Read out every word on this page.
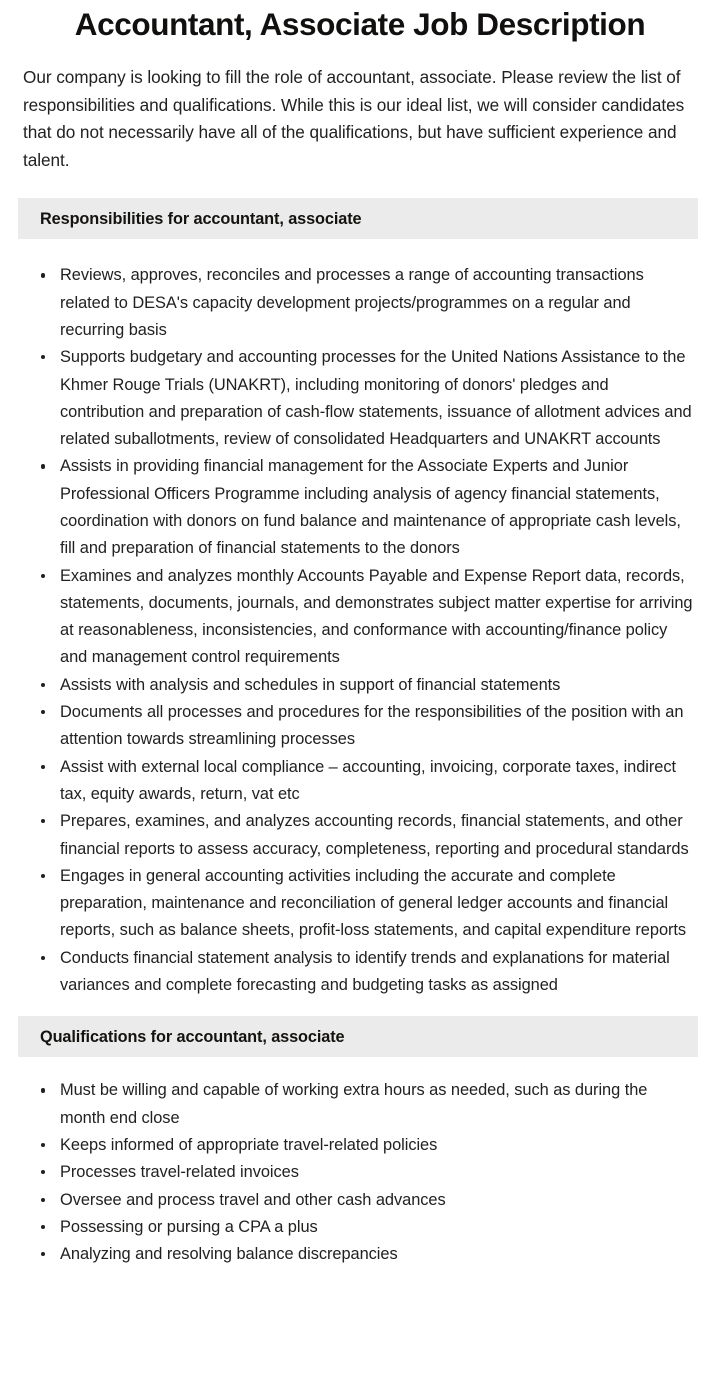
Accountant, Associate Job Description

Our company is looking to fill the role of accountant, associate. Please review the list of responsibilities and qualifications. While this is our ideal list, we will consider candidates that do not necessarily have all of the qualifications, but have sufficient experience and talent.

Responsibilities for accountant, associate
Reviews, approves, reconciles and processes a range of accounting transactions related to DESA's capacity development projects/programmes on a regular and recurring basis
Supports budgetary and accounting processes for the United Nations Assistance to the Khmer Rouge Trials (UNAKRT), including monitoring of donors' pledges and contribution and preparation of cash-flow statements, issuance of allotment advices and related suballotments, review of consolidated Headquarters and UNAKRT accounts
Assists in providing financial management for the Associate Experts and Junior Professional Officers Programme including analysis of agency financial statements, coordination with donors on fund balance and maintenance of appropriate cash levels, fill and preparation of financial statements to the donors
Examines and analyzes monthly Accounts Payable and Expense Report data, records, statements, documents, journals, and demonstrates subject matter expertise for arriving at reasonableness, inconsistencies, and conformance with accounting/finance policy and management control requirements
Assists with analysis and schedules in support of financial statements
Documents all processes and procedures for the responsibilities of the position with an attention towards streamlining processes
Assist with external local compliance – accounting, invoicing, corporate taxes, indirect tax, equity awards, return, vat etc
Prepares, examines, and analyzes accounting records, financial statements, and other financial reports to assess accuracy, completeness, reporting and procedural standards
Engages in general accounting activities including the accurate and complete preparation, maintenance and reconciliation of general ledger accounts and financial reports, such as balance sheets, profit-loss statements, and capital expenditure reports
Conducts financial statement analysis to identify trends and explanations for material variances and complete forecasting and budgeting tasks as assigned
Qualifications for accountant, associate
Must be willing and capable of working extra hours as needed, such as during the month end close
Keeps informed of appropriate travel-related policies
Processes travel-related invoices
Oversee and process travel and other cash advances
Possessing or pursing a CPA a plus
Analyzing and resolving balance discrepancies
